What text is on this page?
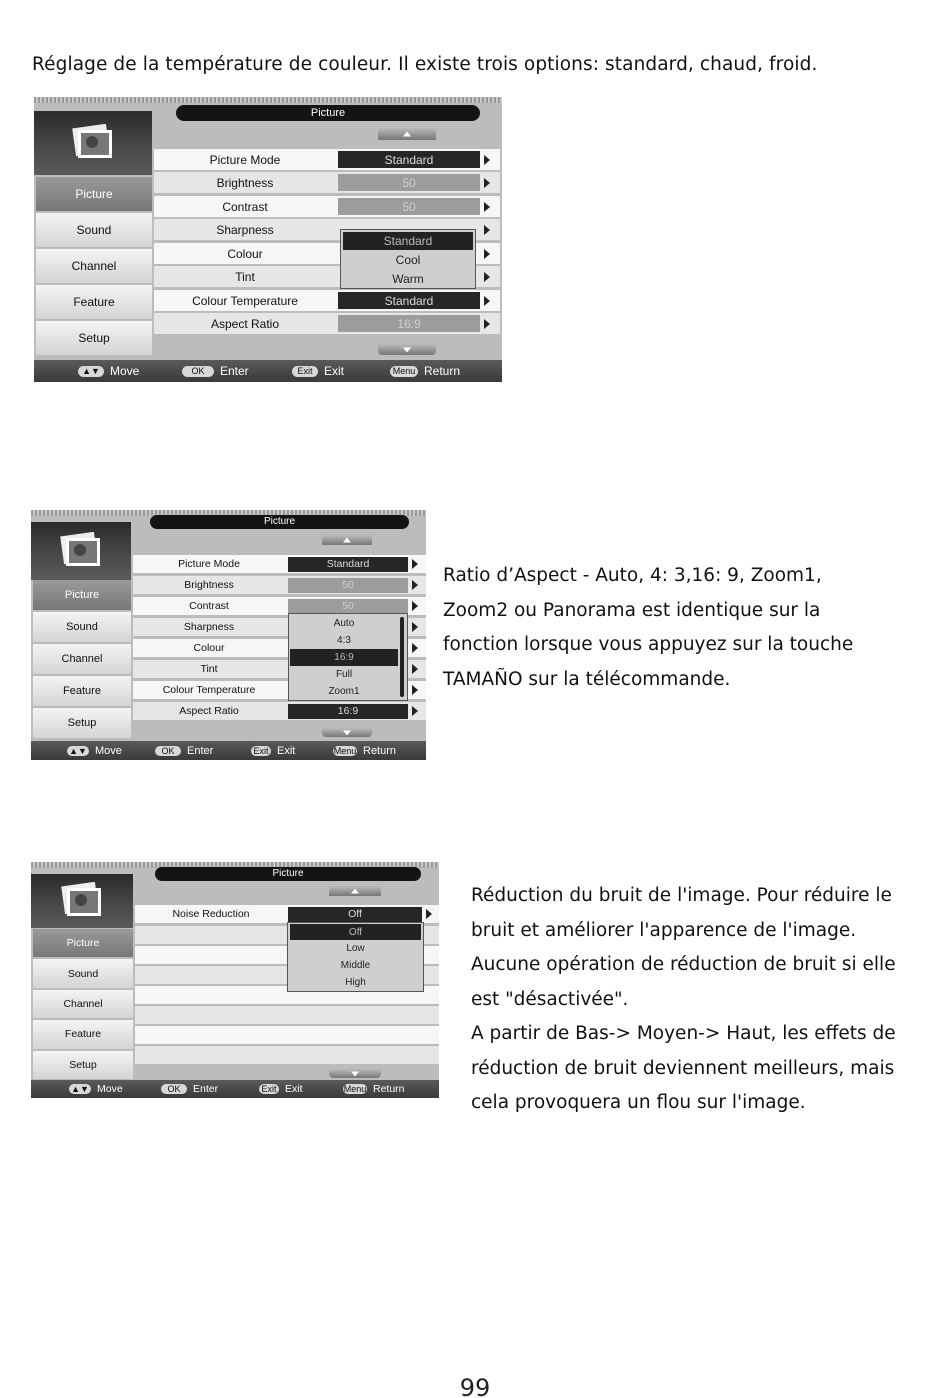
Réglage de la température de couleur. Il existe trois options: standard, chaud, froid.
Picture
Sound
Channel
Feature
Setup
Picture
Picture Mode	Standard
Brightness	50
Contrast	50
Sharpness
Colour
Tint
Colour Temperature	Standard
Aspect Ratio	16:9
Standard
Cool
Warm
▲▼ Move	OK	Enter	Exit Exit	Menu Return
Picture
Sound
Channel
Feature
Setup
Picture
Picture Mode	Standard
Brightness	50
Contrast	50
Sharpness
Colour
Tint
Colour Temperature
Aspect Ratio	16:9
Auto
4:3
16:9
Full
Zoom1
▲▼ Move	OK	Enter	Exit Exit	Menu Return

Ratio d’Aspect - Auto, 4: 3,16: 9, Zoom1,

Zoom2 ou Panorama est identique sur la

fonction lorsque vous appuyez sur la touche

TAMAÑO sur la télécommande.

Picture
Sound
Channel
Feature
Setup
Picture
Noise Reduction	Off
Off
Low
Middle
High
▲▼ Move	OK	Enter	Exit Exit	Menu Return

Réduction du bruit de l'image. Pour réduire le

bruit et améliorer l'apparence de l'image.

Aucune opération de réduction de bruit si elle

est "désactivée".

A partir de Bas-> Moyen-> Haut, les effets de

réduction de bruit deviennent meilleurs, mais

cela provoquera un flou sur l'image.

99
